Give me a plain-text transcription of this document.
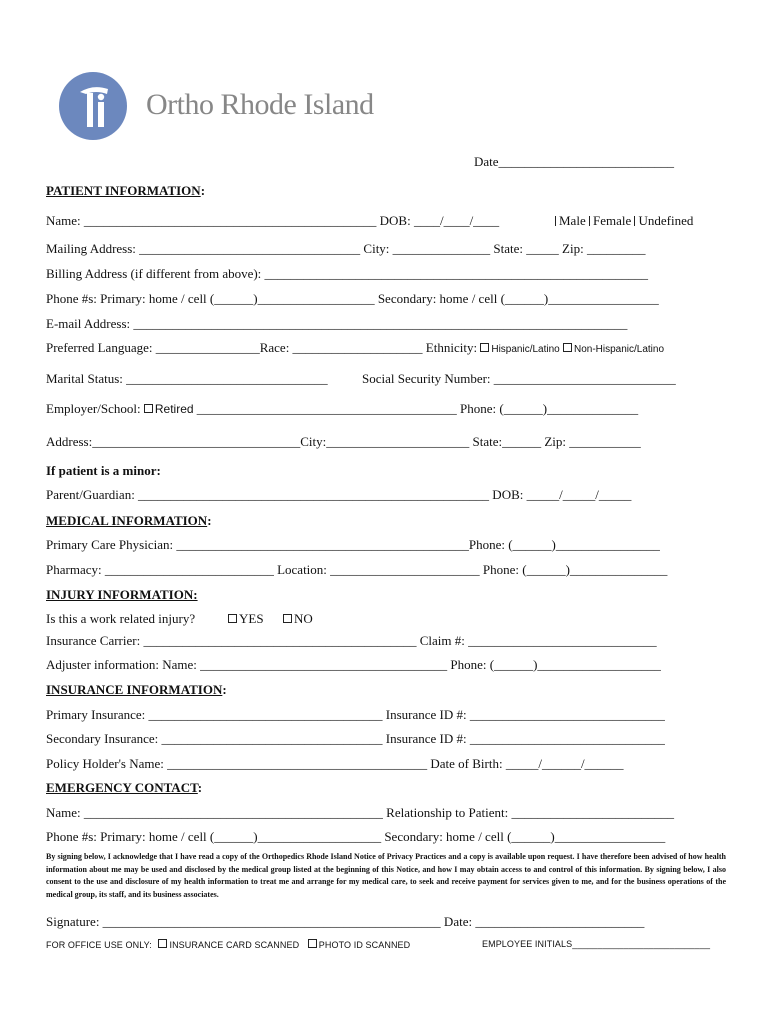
Ortho Rhode Island
Date___________________________
PATIENT INFORMATION:
Name: _____________________________________________ DOB: ____/____/____	Male Female Undefined
Mailing Address: __________________________________ City: _______________ State: _____ Zip: _________
Billing Address (if different from above): ___________________________________________________________
Phone #s: Primary: home / cell (______)__________________ Secondary: home / cell (______)_________________
E-mail Address: ____________________________________________________________________________
Preferred Language: ________________Race: ____________________ Ethnicity: Hispanic/Latino Non-Hispanic/Latino
Marital Status: _______________________________	Social Security Number: ____________________________
Employer/School: Retired ________________________________________ Phone: (______)______________
Address:________________________________City:______________________ State:______ Zip: ___________
If patient is a minor:
Parent/Guardian: ______________________________________________________ DOB: _____/_____/_____
MEDICAL INFORMATION:
Primary Care Physician: _____________________________________________Phone: (______)________________
Pharmacy: __________________________ Location: _______________________ Phone: (______)_______________
INJURY INFORMATION:
Is this a work related injury?	YES	NO
Insurance Carrier: __________________________________________ Claim #: _____________________________
Adjuster information: Name: ______________________________________ Phone: (______)___________________
INSURANCE INFORMATION:
Primary Insurance: ____________________________________ Insurance ID #: ______________________________
Secondary Insurance: __________________________________ Insurance ID #: ______________________________
Policy Holder's Name: ________________________________________ Date of Birth: _____/______/______
EMERGENCY CONTACT:
Name: ______________________________________________ Relationship to Patient: _________________________
Phone #s: Primary: home / cell (______)___________________ Secondary: home / cell (______)_________________
By signing below, I acknowledge that I have read a copy of the Orthopedics Rhode Island Notice of Privacy Practices and a copy is available upon request. I have therefore been advised of how health information about me may be used and disclosed by the medical group listed at the beginning of this Notice, and how I may obtain access to and control of this information. By signing below, I also consent to the use and disclosure of my health information to treat me and arrange for my medical care, to seek and receive payment for services given to me, and for the business operations of the medical group, its staff, and its business associates.
Signature: ____________________________________________________ Date: __________________________
FOR OFFICE USE ONLY: INSURANCE CARD SCANNED PHOTO ID SCANNED	EMPLOYEE INITIALS___________________________
